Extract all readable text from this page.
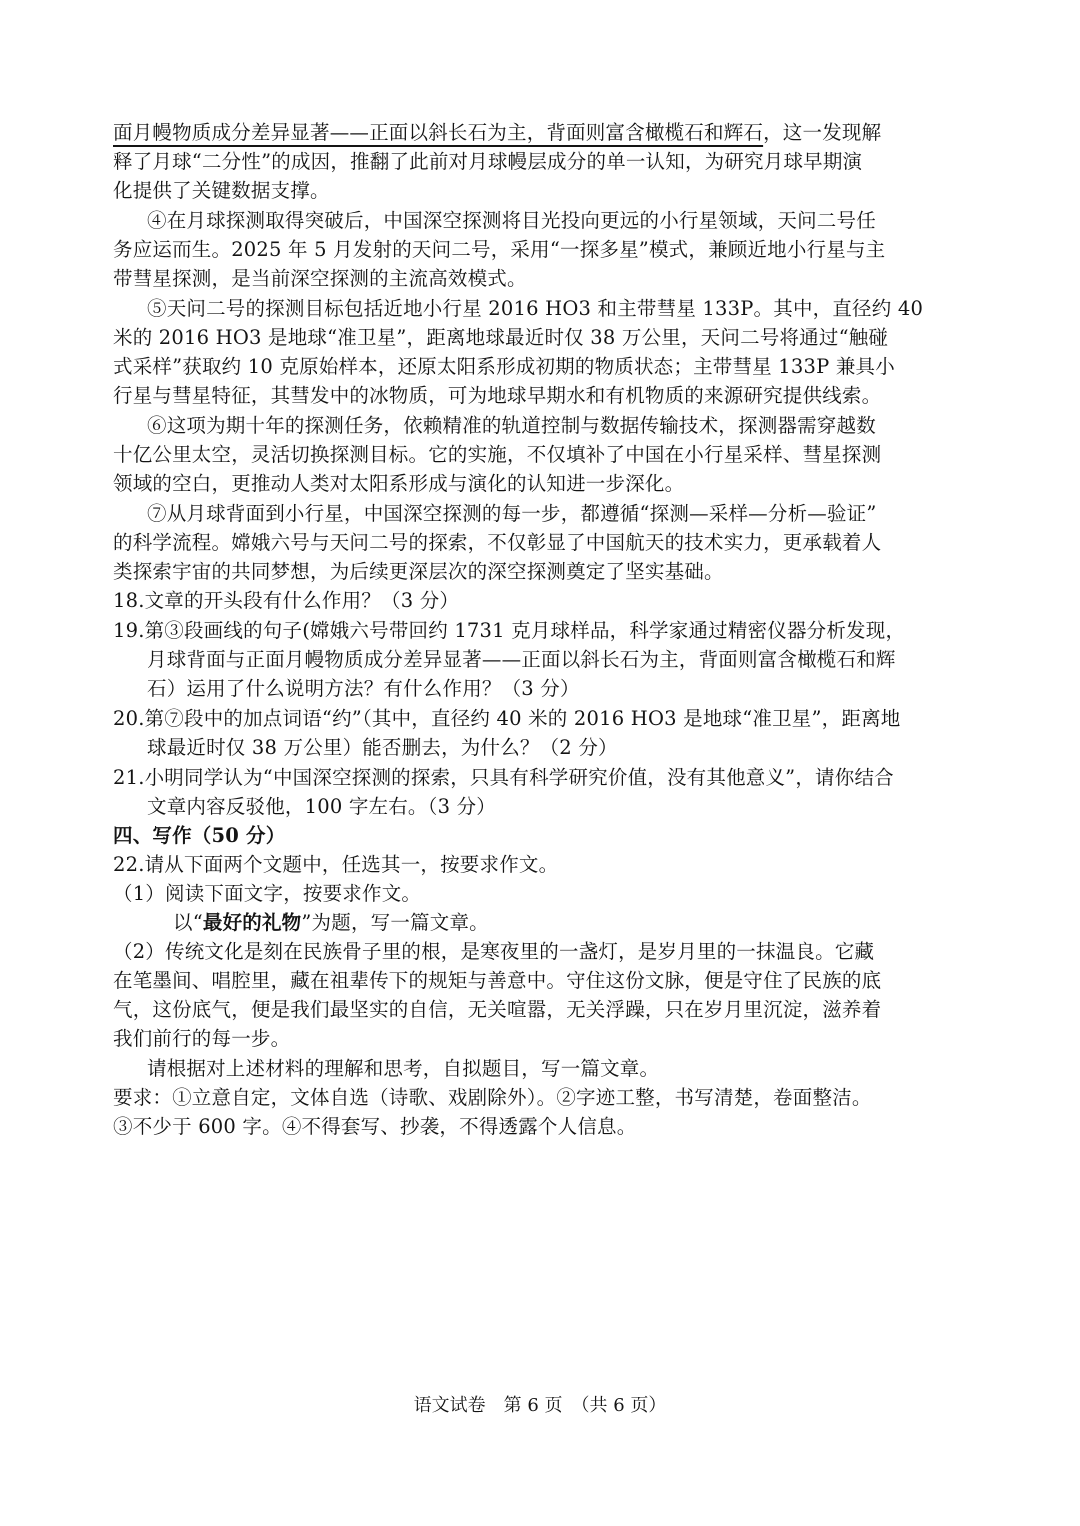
面月幔物质成分差异显著——正面以斜长石为主，背面则富含橄榄石和辉石，这一发现解
释了月球“二分性”的成因，推翻了此前对月球幔层成分的单一认知，为研究月球早期演
化提供了关键数据支撑。
④在月球探测取得突破后，中国深空探测将目光投向更远的小行星领域，天问二号任
务应运而生。2025 年 5 月发射的天问二号，采用“一探多星”模式，兼顾近地小行星与主
带彗星探测，是当前深空探测的主流高效模式。
⑤天问二号的探测目标包括近地小行星 2016 HO3 和主带彗星 133P。其中，直径约 40
米的 2016 HO3 是地球“准卫星”，距离地球最近时仅 38 万公里，天问二号将通过“触碰
式采样”获取约 10 克原始样本，还原太阳系形成初期的物质状态；主带彗星 133P 兼具小
行星与彗星特征，其彗发中的冰物质，可为地球早期水和有机物质的来源研究提供线索。
⑥这项为期十年的探测任务，依赖精准的轨道控制与数据传输技术，探测器需穿越数
十亿公里太空，灵活切换探测目标。它的实施，不仅填补了中国在小行星采样、彗星探测
领域的空白，更推动人类对太阳系形成与演化的认知进一步深化。
⑦从月球背面到小行星，中国深空探测的每一步，都遵循“探测—采样—分析—验证”
的科学流程。嫦娥六号与天问二号的探索，不仅彰显了中国航天的技术实力，更承载着人
类探索宇宙的共同梦想，为后续更深层次的深空探测奠定了坚实基础。
18.文章的开头段有什么作用？（3 分）
19.第③段画线的句子(嫦娥六号带回约 1731 克月球样品，科学家通过精密仪器分析发现，
月球背面与正面月幔物质成分差异显著——正面以斜长石为主，背面则富含橄榄石和辉
石）运用了什么说明方法？有什么作用？（3 分）
20.第⑦段中的加点词语“约”（其中，直径约 40 米的 2016 HO3 是地球“准卫星”，距离地
球最近时仅 38 万公里）能否删去，为什么？（2 分）
21.小明同学认为“中国深空探测的探索，只具有科学研究价值，没有其他意义”，请你结合
文章内容反驳他，100 字左右。（3 分）
四、写作（50 分）
22.请从下面两个文题中，任选其一，按要求作文。
（1）阅读下面文字，按要求作文。
以“最好的礼物”为题，写一篇文章。
（2）传统文化是刻在民族骨子里的根，是寒夜里的一盏灯，是岁月里的一抹温良。它藏
在笔墨间、唱腔里，藏在祖辈传下的规矩与善意中。守住这份文脉，便是守住了民族的底
气，这份底气，便是我们最坚实的自信，无关喧嚣，无关浮躁，只在岁月里沉淀，滋养着
我们前行的每一步。
请根据对上述材料的理解和思考，自拟题目，写一篇文章。
要求：①立意自定，文体自选（诗歌、戏剧除外）。②字迹工整，书写清楚，卷面整洁。
③不少于 600 字。④不得套写、抄袭，不得透露个人信息。
语文试卷　第 6 页　（共 6 页）
